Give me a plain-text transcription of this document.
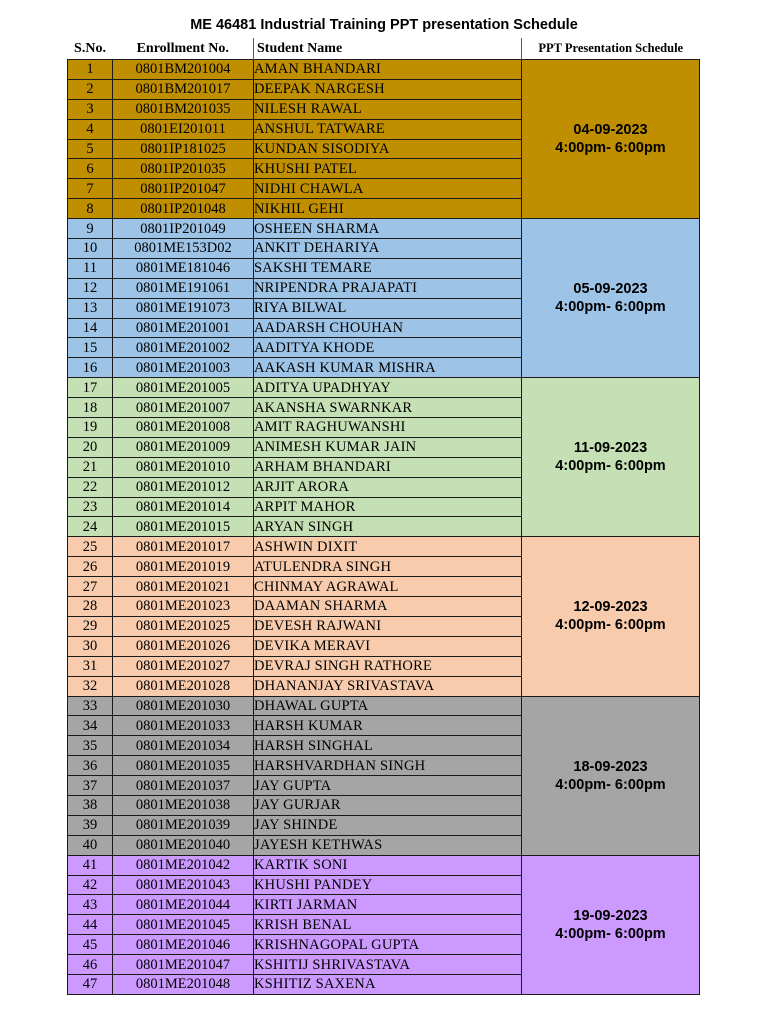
ME 46481 Industrial Training PPT presentation Schedule
S.No.	Enrollment No.	Student Name	PPT Presentation Schedule
1	0801BM201004	AMAN BHANDARI	04-09-2023
4:00pm- 6:00pm

2	0801BM201017	DEEPAK NARGESH	
3	0801BM201035	NILESH RAWAL	
4	0801EI201011	ANSHUL TATWARE	
5	0801IP181025	KUNDAN SISODIYA	
6	0801IP201035	KHUSHI PATEL	
7	0801IP201047	NIDHI CHAWLA	
8	0801IP201048	NIKHIL GEHI	
9	0801IP201049	OSHEEN SHARMA	05-09-2023
4:00pm- 6:00pm

10	0801ME153D02	ANKIT DEHARIYA	
11	0801ME181046	SAKSHI TEMARE	
12	0801ME191061	NRIPENDRA PRAJAPATI	
13	0801ME191073	RIYA BILWAL	
14	0801ME201001	AADARSH CHOUHAN	
15	0801ME201002	AADITYA KHODE	
16	0801ME201003	AAKASH KUMAR MISHRA	
17	0801ME201005	ADITYA UPADHYAY	11-09-2023
4:00pm- 6:00pm

18	0801ME201007	AKANSHA SWARNKAR	
19	0801ME201008	AMIT RAGHUWANSHI	
20	0801ME201009	ANIMESH KUMAR JAIN	
21	0801ME201010	ARHAM BHANDARI	
22	0801ME201012	ARJIT ARORA	
23	0801ME201014	ARPIT MAHOR	
24	0801ME201015	ARYAN SINGH	
25	0801ME201017	ASHWIN DIXIT	12-09-2023
4:00pm- 6:00pm

26	0801ME201019	ATULENDRA SINGH	
27	0801ME201021	CHINMAY AGRAWAL	
28	0801ME201023	DAAMAN SHARMA	
29	0801ME201025	DEVESH RAJWANI	
30	0801ME201026	DEVIKA MERAVI	
31	0801ME201027	DEVRAJ SINGH RATHORE	
32	0801ME201028	DHANANJAY SRIVASTAVA	
33	0801ME201030	DHAWAL GUPTA	18-09-2023
4:00pm- 6:00pm

34	0801ME201033	HARSH KUMAR	
35	0801ME201034	HARSH SINGHAL	
36	0801ME201035	HARSHVARDHAN SINGH	
37	0801ME201037	JAY GUPTA	
38	0801ME201038	JAY GURJAR	
39	0801ME201039	JAY SHINDE	
40	0801ME201040	JAYESH KETHWAS	
41	0801ME201042	KARTIK SONI	19-09-2023
4:00pm- 6:00pm

42	0801ME201043	KHUSHI PANDEY	
43	0801ME201044	KIRTI JARMAN	
44	0801ME201045	KRISH BENAL	
45	0801ME201046	KRISHNAGOPAL GUPTA	
46	0801ME201047	KSHITIJ SHRIVASTAVA	
47	0801ME201048	KSHITIZ SAXENA	
